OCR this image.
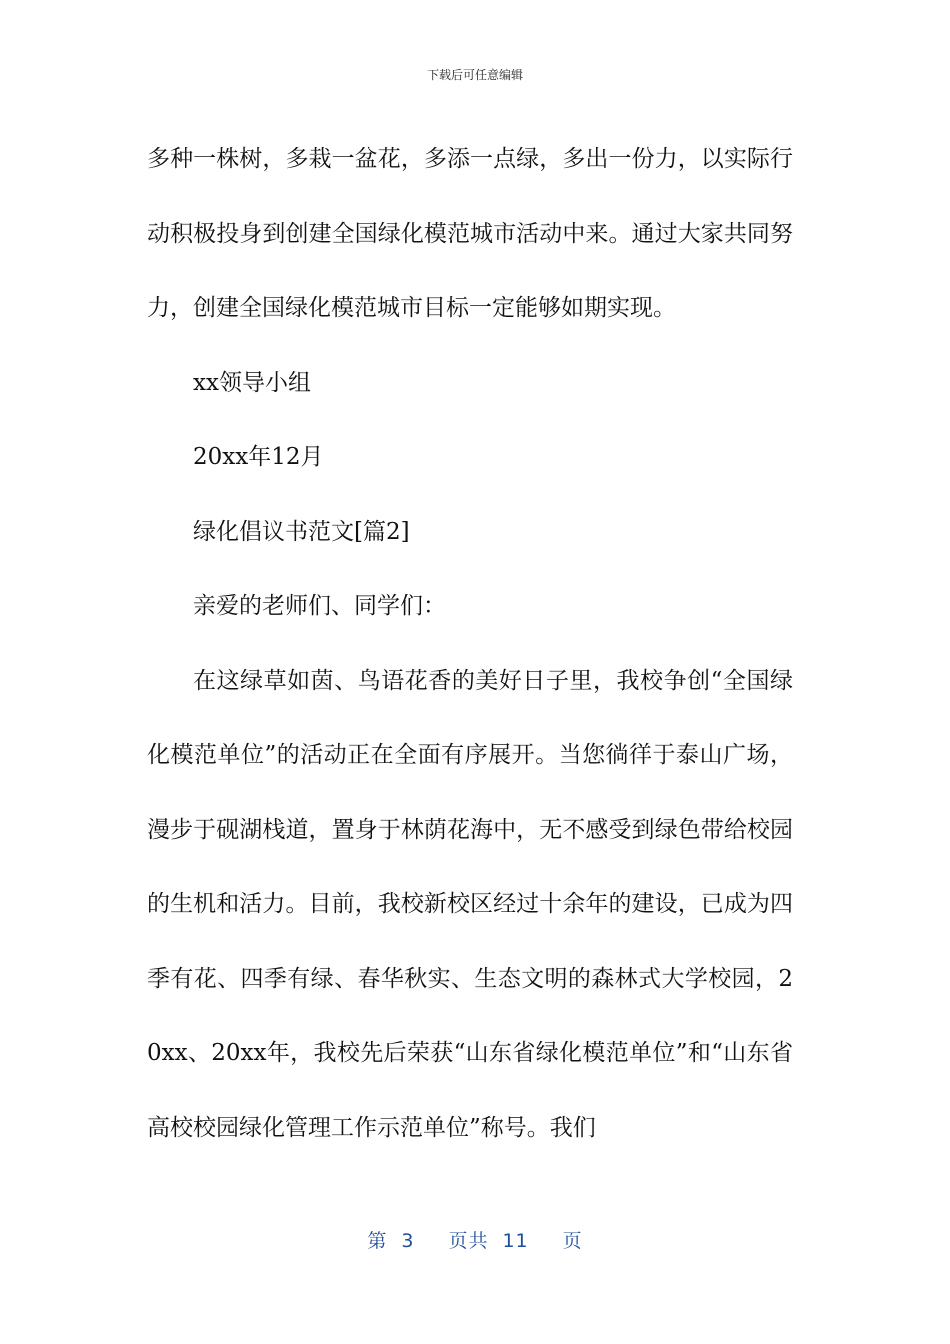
下载后可任意编辑

多种一株树，多栽一盆花，多添一点绿，多出一份力，以实际行动积极投身到创建全国绿化模范城市活动中来。通过大家共同努力，创建全国绿化模范城市目标一定能够如期实现。

xx领导小组

20xx年12月

绿化倡议书范文[篇2]

亲爱的老师们、同学们：

在这绿草如茵、鸟语花香的美好日子里，我校争创“全国绿化模范单位”的活动正在全面有序展开。当您徜徉于泰山广场，漫步于砚湖栈道，置身于林荫花海中，无不感受到绿色带给校园的生机和活力。目前，我校新校区经过十余年的建设，已成为四季有花、四季有绿、春华秋实、生态文明的森林式大学校园，20xx、20xx年，我校先后荣获“山东省绿化模范单位”和“山东省高校校园绿化管理工作示范单位”称号。我们

第 3 页共 11 页
